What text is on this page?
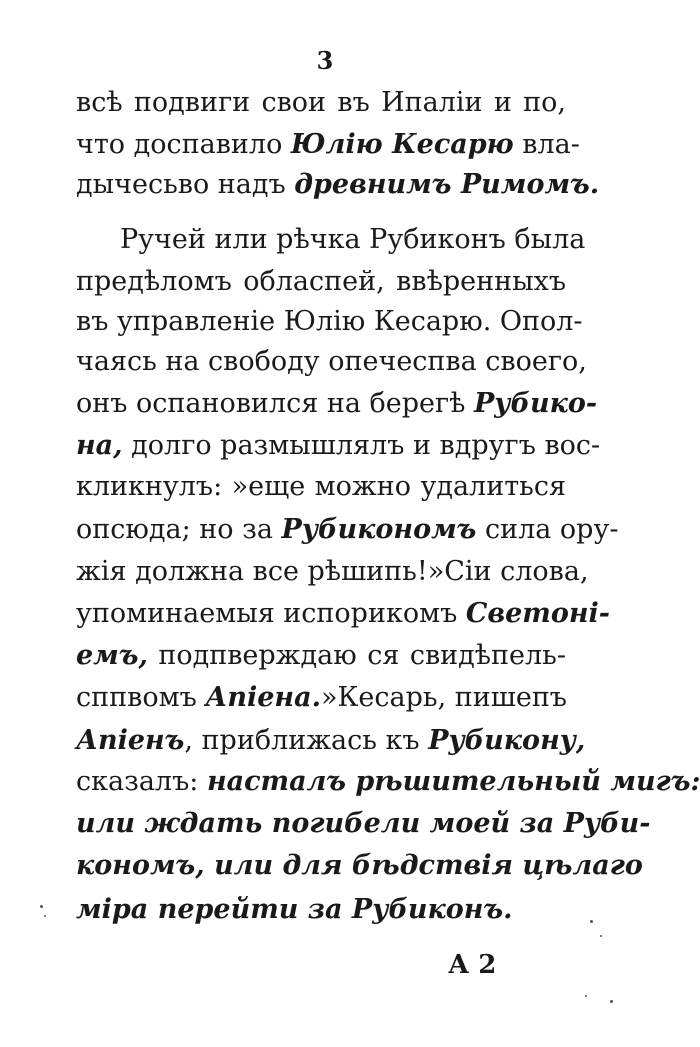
3
всѣ подвиги свои въ Ипаліи и по,
что доспавило Юлію Кесарю вла-
дычесьво надъ древнимъ Римомъ.
Ручей или рѣчка Рубиконъ была
предѣломъ обласпей, ввѣренныхъ
въ управленіе Юлію Кесарю. Опол-
чаясь на свободу опечеспва своего,
онъ оспановился на берегѣ Рубико-
на, долго размышлялъ и вдругъ вос-
кликнулъ: »еще можно удалиться
опсюда; но за Рубикономъ сила ору-
жія должна все рѣшипь!»Сіи слова,
упоминаемыя испорикомъ Светоні-
емъ, подпверждаю ся свидѣпель-
сппвомъ Апіена.»Кесарь, пишепъ
Апіенъ, приближась къ Рубикону,
сказалъ: насталъ рѣшительный мигъ:
или ждать погибели моей за Руби-
кономъ, или для бѣдствія цѣлаго
міра перейти за Рубиконъ.
А 2
